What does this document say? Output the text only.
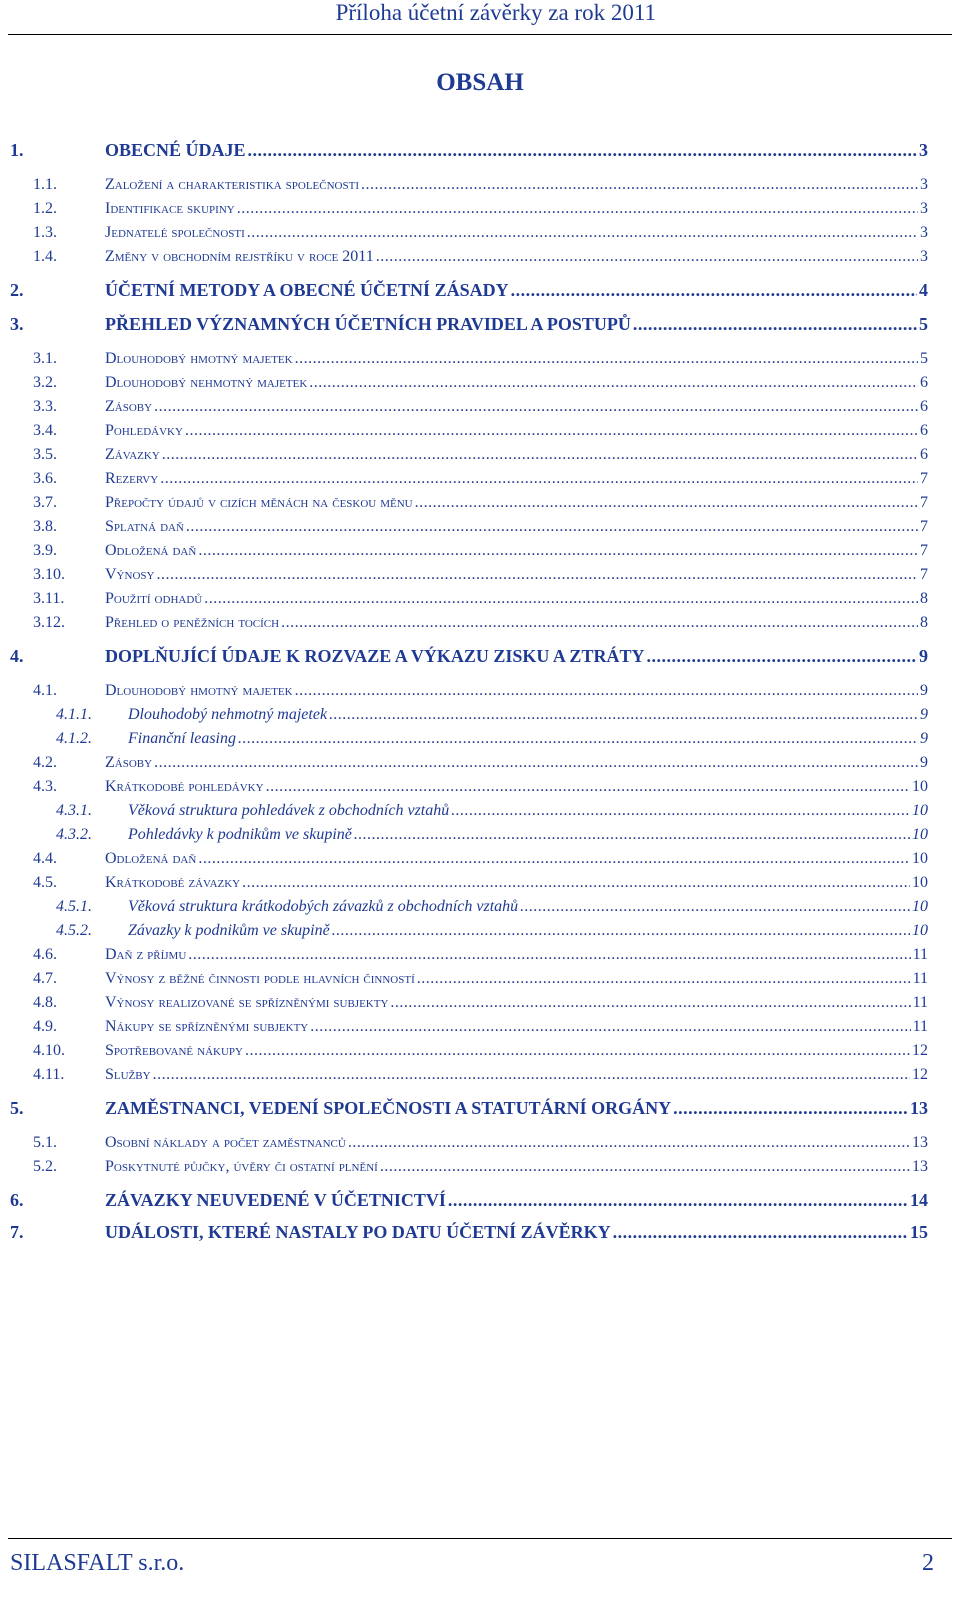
Příloha účetní závěrky za rok 2011
OBSAH
1.	OBECNÉ ÚDAJE .....	3
1.1.	Založení a charakteristika společnosti .....	3
1.2.	Identifikace skupiny .....	3
1.3.	Jednatelé společnosti .....	3
1.4.	Změny v obchodním rejstříku v roce 2011 .....	3
2.	ÚČETNÍ METODY A OBECNÉ ÚČETNÍ ZÁSADY .....	4
3.	PŘEHLED VÝZNAMNÝCH ÚČETNÍCH PRAVIDEL A POSTUPŮ .....	5
3.1.	Dlouhodobý hmotný majetek .....	5
3.2.	Dlouhodobý nehmotný majetek .....	6
3.3.	Zásoby .....	6
3.4.	Pohledávky .....	6
3.5.	Závazky .....	6
3.6.	Rezervy .....	7
3.7.	Přepočty údajů v cizích měnách na českou měnu .....	7
3.8.	Splatná daň .....	7
3.9.	Odložená daň .....	7
3.10.	Výnosy .....	7
3.11.	Použití odhadů .....	8
3.12.	Přehled o peněžních tocích .....	8
4.	DOPLŇUJÍCÍ ÚDAJE K ROZVAZE A VÝKAZU ZISKU A ZTRÁTY .....	9
4.1.	Dlouhodobý hmotný majetek .....	9
4.1.1.	Dlouhodobý nehmotný majetek .....	9
4.1.2.	Finanční leasing .....	9
4.2.	Zásoby .....	9
4.3.	Krátkodobé pohledávky .....	10
4.3.1.	Věková struktura pohledávek z obchodních vztahů .....	10
4.3.2.	Pohledávky k podnikům ve skupině .....	10
4.4.	Odložená daň .....	10
4.5.	Krátkodobé závazky .....	10
4.5.1.	Věková struktura krátkodobých závazků z obchodních vztahů .....	10
4.5.2.	Závazky k podnikům ve skupině .....	10
4.6.	Daň z příjmu .....	11
4.7.	Výnosy z běžné činnosti podle hlavních činností .....	11
4.8.	Výnosy realizované se spřízněnými subjekty .....	11
4.9.	Nákupy se spřízněnými subjekty .....	11
4.10.	Spotřebované nákupy .....	12
4.11.	Služby .....	12
5.	ZAMĚSTNANCI, VEDENÍ SPOLEČNOSTI A STATUTÁRNÍ ORGÁNY .....	13
5.1.	Osobní náklady a počet zaměstnanců .....	13
5.2.	Poskytnuté půjčky, úvěry či ostatní plnění .....	13
6.	ZÁVAZKY NEUVEDENÉ V ÚČETNICTVÍ .....	14
7.	UDÁLOSTI, KTERÉ NASTALY PO DATU ÚČETNÍ ZÁVĚRKY .....	15
SILASFALT s.r.o.	2
